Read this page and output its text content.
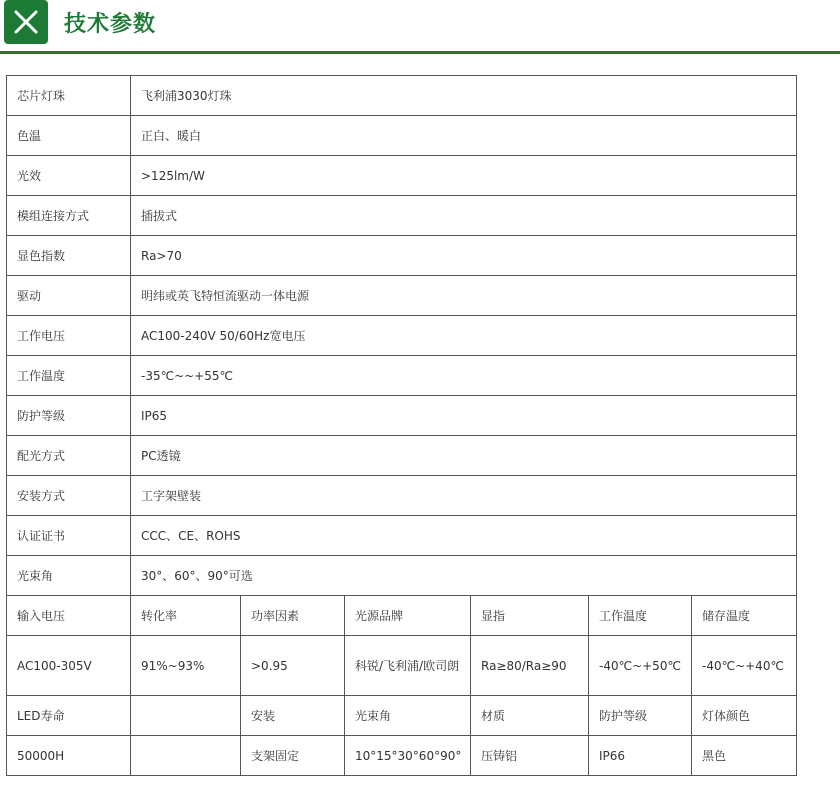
技术参数
芯片灯珠	飞利浦3030灯珠					
色温	正白、暖白					
光效	>125lm/W					
模组连接方式	插拔式					
显色指数	Ra>70					
驱动	明纬或英飞特恒流驱动一体电源					
工作电压	AC100-240V 50/60Hz宽电压					
工作温度	-35℃~~+55℃					
防护等级	IP65					
配光方式	PC透镜					
安装方式	工字架壁装					
认证证书	CCC、CE、ROHS					
光束角	30°、60°、90°可选					
输入电压	转化率	功率因素	光源品牌	显指	工作温度	储存温度
AC100-305V	91%~93%	>0.95	科锐/飞利浦/欧司朗	Ra≥80/Ra≥90	-40℃~+50℃	-40℃~+40℃
LED寿命		安装	光束角	材质	防护等级	灯体颜色
50000H		支架固定	10°15°30°60°90°	压铸铝	IP66	黑色
